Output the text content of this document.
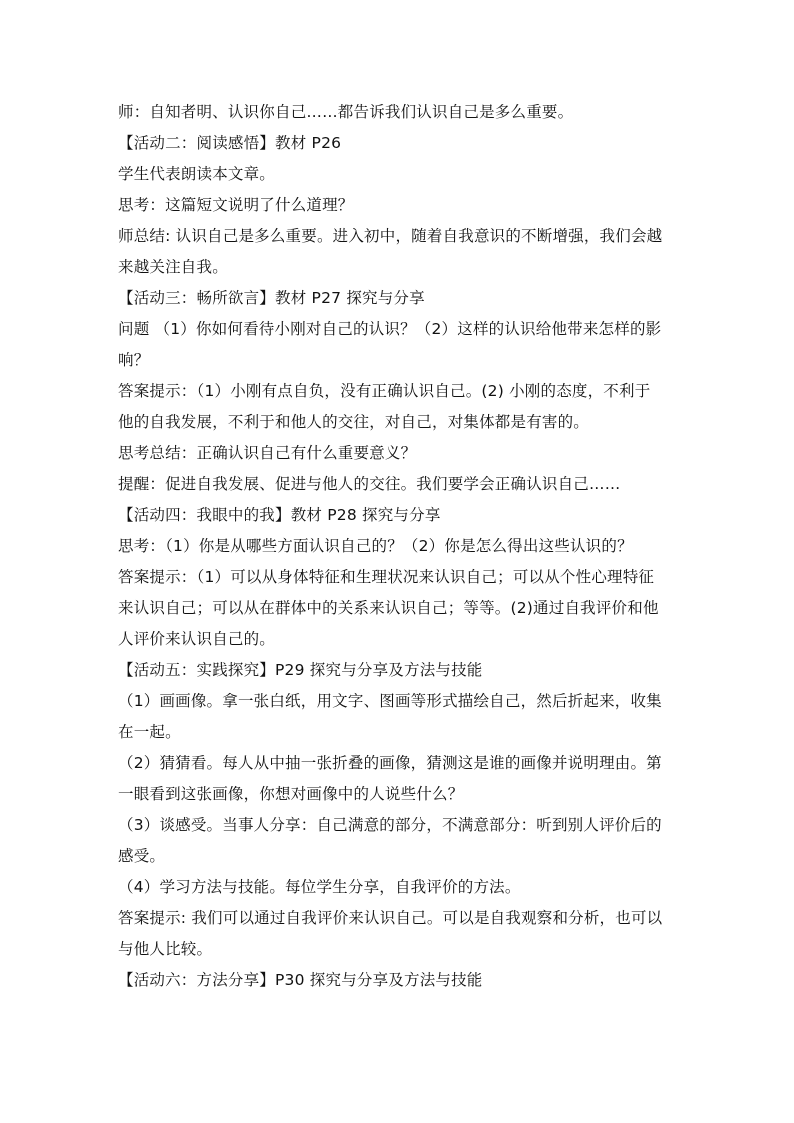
师：自知者明、认识你自己……都告诉我们认识自己是多么重要。
【活动二：阅读感悟】教材 P26
学生代表朗读本文章。
思考：这篇短文说明了什么道理？
师总结: 认识自己是多么重要。进入初中，随着自我意识的不断增强，我们会越
来越关注自我。
【活动三：畅所欲言】教材 P27 探究与分享
问题 （1）你如何看待小刚对自己的认识？（2）这样的认识给他带来怎样的影
响？
答案提示：（1）小刚有点自负，没有正确认识自己。(2) 小刚的态度，不利于
他的自我发展，不利于和他人的交往，对自己，对集体都是有害的。
思考总结：正确认识自己有什么重要意义？
提醒：促进自我发展、促进与他人的交往。我们要学会正确认识自己……
【活动四：我眼中的我】教材 P28 探究与分享
思考：（1）你是从哪些方面认识自己的？（2）你是怎么得出这些认识的？
答案提示：（1）可以从身体特征和生理状况来认识自己；可以从个性心理特征
来认识自己；可以从在群体中的关系来认识自己；等等。(2)通过自我评价和他
人评价来认识自己的。
【活动五：实践探究】P29 探究与分享及方法与技能
（1）画画像。拿一张白纸，用文字、图画等形式描绘自己，然后折起来，收集
在一起。
（2）猜猜看。每人从中抽一张折叠的画像，猜测这是谁的画像并说明理由。第
一眼看到这张画像，你想对画像中的人说些什么？
（3）谈感受。当事人分享：自己满意的部分，不满意部分：听到别人评价后的
感受。
（4）学习方法与技能。每位学生分享，自我评价的方法。
答案提示: 我们可以通过自我评价来认识自己。可以是自我观察和分析，也可以
与他人比较。
【活动六：方法分享】P30 探究与分享及方法与技能
